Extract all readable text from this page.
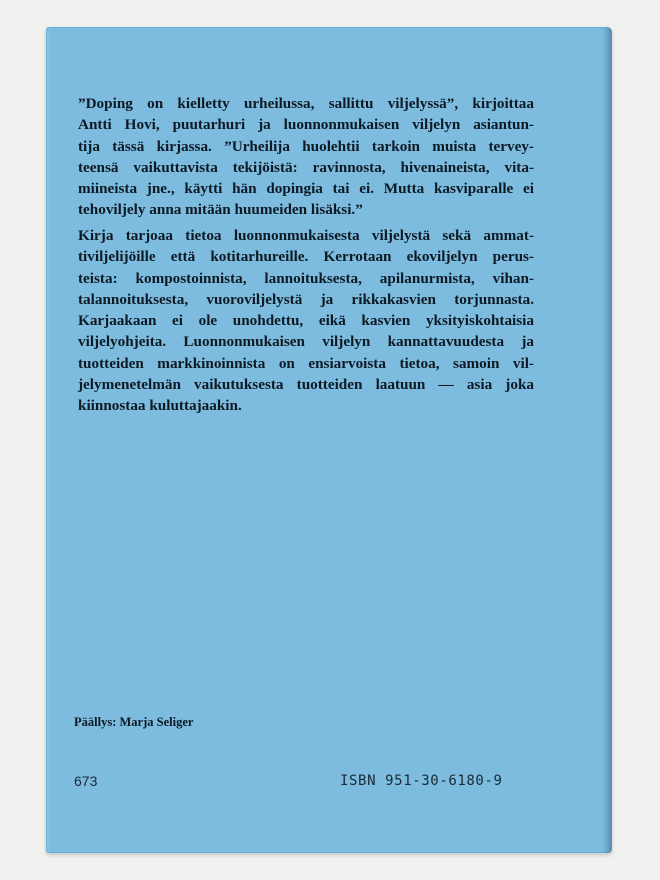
”Doping on kielletty urheilussa, sallittu viljelyssä”, kirjoittaa
Antti Hovi, puutarhuri ja luonnonmukaisen viljelyn asiantun-
tija tässä kirjassa. ”Urheilija huolehtii tarkoin muista tervey-
teensä vaikuttavista tekijöistä: ravinnosta, hivenaineista, vita-
miineista jne., käytti hän dopingia tai ei. Mutta kasviparalle ei
tehoviljely anna mitään huumeiden lisäksi.”
Kirja tarjoaa tietoa luonnonmukaisesta viljelystä sekä ammat-
tiviljelijöille että kotitarhureille. Kerrotaan ekoviljelyn perus-
teista: kompostoinnista, lannoituksesta, apilanurmista, vihan-
talannoituksesta, vuoroviljelystä ja rikkakasvien torjunnasta.
Karjaakaan ei ole unohdettu, eikä kasvien yksityiskohtaisia
viljelyohjeita. Luonnonmukaisen viljelyn kannattavuudesta ja
tuotteiden markkinoinnista on ensiarvoista tietoa, samoin vil-
jelymenetelmän vaikutuksesta tuotteiden laatuun — asia joka
kiinnostaa kuluttajaakin.
Päällys: Marja Seliger
673	ISBN 951-30-6180-9
